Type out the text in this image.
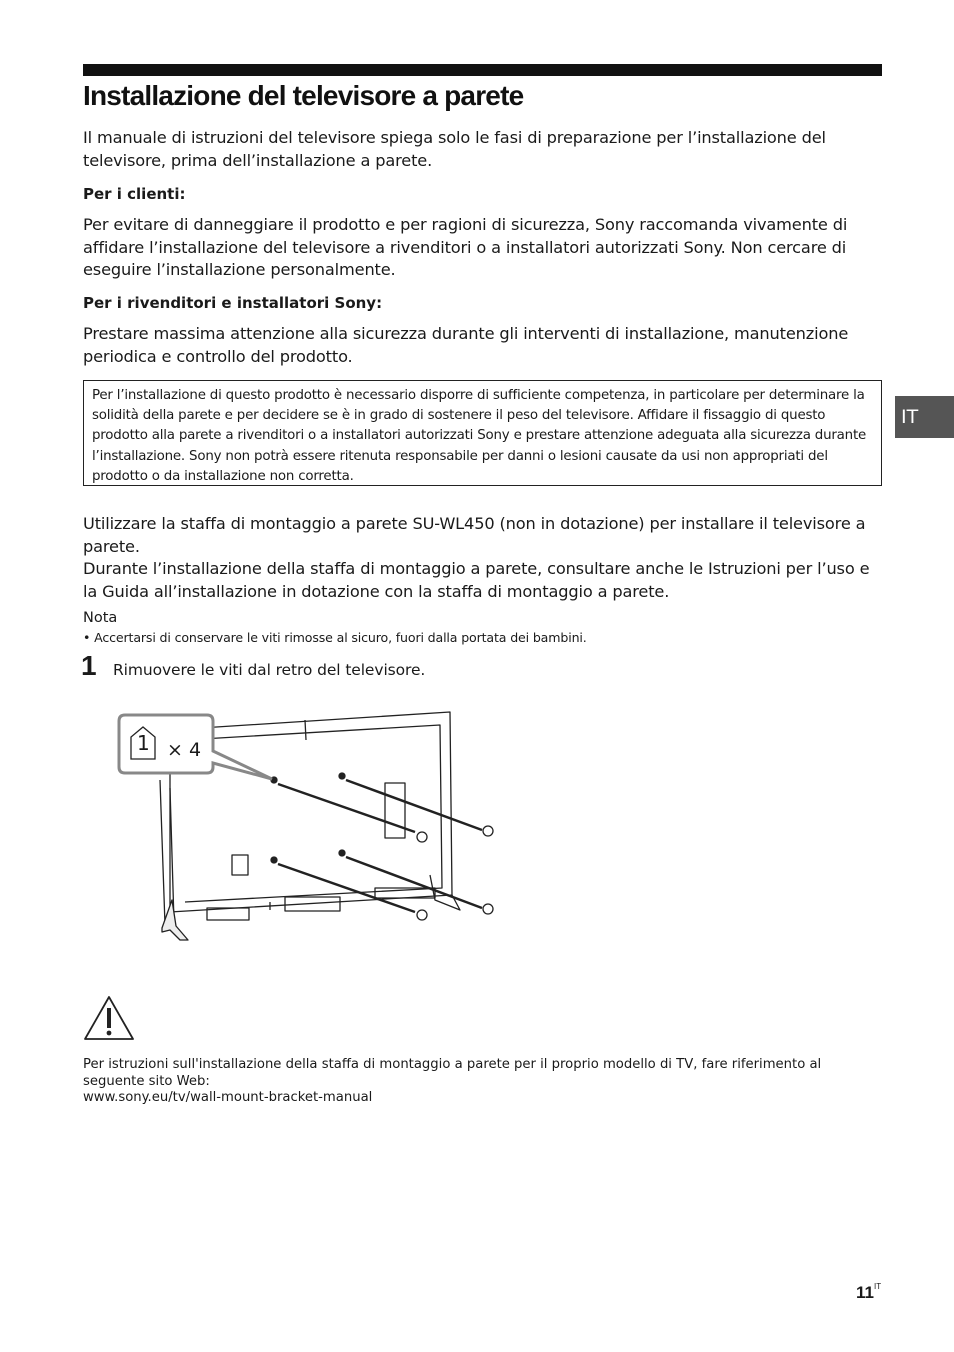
Installazione del televisore a parete

Il manuale di istruzioni del televisore spiega solo le fasi di preparazione per l’installazione del televisore, prima dell’installazione a parete.

Per i clienti:

Per evitare di danneggiare il prodotto e per ragioni di sicurezza, Sony raccomanda vivamente di affidare l’installazione del televisore a rivenditori o a installatori autorizzati Sony. Non cercare di eseguire l’installazione personalmente.

Per i rivenditori e installatori Sony:

Prestare massima attenzione alla sicurezza durante gli interventi di installazione, manutenzione periodica e controllo del prodotto.

Per l’installazione di questo prodotto è necessario disporre di sufficiente competenza, in particolare per determinare la solidità della parete e per decidere se è in grado di sostenere il peso del televisore. Affidare il fissaggio di questo prodotto alla parete a rivenditori o a installatori autorizzati Sony e prestare attenzione adeguata alla sicurezza durante l’installazione. Sony non potrà essere ritenuta responsabile per danni o lesioni causate da usi non appropriati del prodotto o da installazione non corretta.
IT

Utilizzare la staffa di montaggio a parete SU-WL450 (non in dotazione) per installare il televisore a parete.

Durante l’installazione della staffa di montaggio a parete, consultare anche le Istruzioni per l’uso e la Guida all’installazione in dotazione con la staffa di montaggio a parete.

Nota

• Accertarsi di conservare le viti rimosse al sicuro, fuori dalla portata dei bambini.

1 Rimuovere le viti dal retro del televisore.
1 × 4

Per istruzioni sull'installazione della staffa di montaggio a parete per il proprio modello di TV, fare riferimento al seguente sito Web:

www.sony.eu/tv/wall-mount-bracket-manual

$11^{IT}$
